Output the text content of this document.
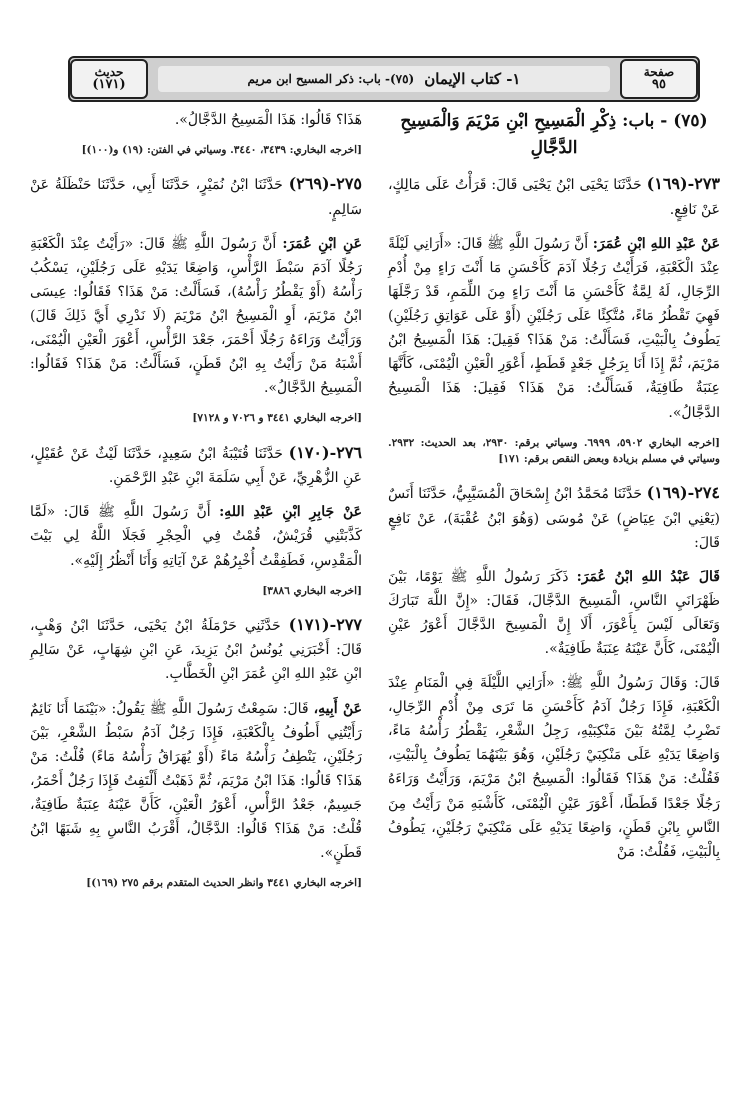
صفحة
٩٥
١- كتاب الإيمان
(٧٥)- باب: ذكر المسيح ابن مريم
حديث
(١٧١)
(٧٥) - باب: ذِكْرِ الْمَسِيحِ ابْنِ مَرْيَمَ وَالْمَسِيحِ الدَّجَّالِ

٢٧٣-(١٦٩) حَدَّثَنَا يَحْيَى ابْنُ يَحْيَى قَالَ: قَرَأْتُ عَلَى مَالِكٍ، عَنْ نَافِعٍ.

عَنْ عَبْدِ اللهِ ابْنِ عُمَرَ: أَنَّ رَسُولَ اللَّهِ ﷺ قَالَ: «أَرَانِي لَيْلَةً عِنْدَ الْكَعْبَةِ، فَرَأَيْتُ رَجُلًا آدَمَ كَأَحْسَنِ مَا أَنْتَ رَاءٍ مِنْ أُدْمِ الرِّجَالِ، لَهُ لِمَّةٌ كَأَحْسَنِ مَا أَنْتَ رَاءٍ مِنَ اللِّمَمِ، قَدْ رَجَّلَهَا فَهِيَ تَقْطُرُ مَاءً، مُتَّكِئًا عَلَى رَجُلَيْنِ (أَوْ عَلَى عَوَاتِقِ رَجُلَيْنِ) يَطُوفُ بِالْبَيْتِ، فَسَأَلْتُ: مَنْ هَذَا؟ فَقِيلَ: هَذَا الْمَسِيحُ ابْنُ مَرْيَمَ، ثُمَّ إِذَا أَنَا بِرَجُلٍ جَعْدٍ قَطَطٍ، أَعْوَرِ الْعَيْنِ الْيُمْنَى، كَأَنَّهَا عِنَبَةٌ طَافِيَةٌ، فَسَأَلْتُ: مَنْ هَذَا؟ فَقِيلَ: هَذَا الْمَسِيحُ الدَّجَّالُ».

[اخرجه البخاري ٥٩٠٢، ٦٩٩٩. وسياتي برقم: ٢٩٣٠، بعد الحديث: ٢٩٣٢. وسياتي في مسلم بزيادة وبعض النقص برقم: ١٧١]

٢٧٤-(١٦٩) حَدَّثَنَا مُحَمَّدُ ابْنُ إِسْحَاقَ الْمُسَيَّبِيُّ، حَدَّثَنَا أَنَسٌ (يَعْنِي ابْنَ عِيَاضٍ) عَنْ مُوسَى (وَهُوَ ابْنُ عُقْبَةَ)، عَنْ نَافِعٍ قَالَ:

قَالَ عَبْدُ اللهِ ابْنُ عُمَرَ: ذَكَرَ رَسُولُ اللَّهِ ﷺ يَوْمًا، بَيْنَ ظَهْرَانَيِ النَّاسِ، الْمَسِيحَ الدَّجَّالَ، فَقَالَ: «إِنَّ اللَّهَ تَبَارَكَ وَتَعَالَى لَيْسَ بِأَعْوَرَ، أَلَا إِنَّ الْمَسِيحَ الدَّجَّالَ أَعْوَرُ عَيْنِ الْيُمْنَى، كَأَنَّ عَيْنَهُ عِنَبَةٌ طَافِيَةٌ».

قَالَ: وَقَالَ رَسُولُ اللَّهِ ﷺ: «أَرَانِي اللَّيْلَةَ فِي الْمَنَامِ عِنْدَ الْكَعْبَةِ، فَإِذَا رَجُلٌ آدَمُ كَأَحْسَنِ مَا تَرَى مِنْ أُدْمِ الرِّجَالِ، تَضْرِبُ لِمَّتُهُ بَيْنَ مَنْكِبَيْهِ، رَجِلُ الشَّعْرِ، يَقْطُرُ رَأْسُهُ مَاءً، وَاضِعًا يَدَيْهِ عَلَى مَنْكِبَيْ رَجُلَيْنِ، وَهُوَ بَيْنَهُمَا يَطُوفُ بِالْبَيْتِ، فَقُلْتُ: مَنْ هَذَا؟ فَقَالُوا: الْمَسِيحُ ابْنُ مَرْيَمَ، وَرَأَيْتُ وَرَاءَهُ رَجُلًا جَعْدًا قَطَطًا، أَعْوَرَ عَيْنِ الْيُمْنَى، كَأَشْبَهِ مَنْ رَأَيْتُ مِنَ النَّاسِ بِابْنِ قَطَنٍ، وَاضِعًا يَدَيْهِ عَلَى مَنْكِبَيْ رَجُلَيْنِ، يَطُوفُ بِالْبَيْتِ، فَقُلْتُ: مَنْ

هَذَا؟ قَالُوا: هَذَا الْمَسِيحُ الدَّجَّالُ».

[اخرجه البخاري: ٣٤٣٩، ٣٤٤٠. وسياتي في الفتن: (١٩) و(١٠٠)]

٢٧٥-(٢٦٩) حَدَّثَنَا ابْنُ نُمَيْرٍ، حَدَّثَنَا أَبِي، حَدَّثَنَا حَنْظَلَةُ عَنْ سَالِمٍ.

عَنِ ابْنِ عُمَرَ: أَنَّ رَسُولَ اللَّهِ ﷺ قَالَ: «رَأَيْتُ عِنْدَ الْكَعْبَةِ رَجُلًا آدَمَ سَبْطَ الرَّأْسِ، وَاضِعًا يَدَيْهِ عَلَى رَجُلَيْنِ، يَسْكُبُ رَأْسُهُ (أَوْ يَقْطُرُ رَأْسُهُ)، فَسَأَلْتُ: مَنْ هَذَا؟ فَقَالُوا: عِيسَى ابْنُ مَرْيَمَ، أَوِ الْمَسِيحُ ابْنُ مَرْيَمَ (لَا نَدْرِي أَيَّ ذَلِكَ قَالَ) وَرَأَيْتُ وَرَاءَهُ رَجُلًا أَحْمَرَ، جَعْدَ الرَّأْسِ، أَعْوَرَ الْعَيْنِ الْيُمْنَى، أَشْبَهُ مَنْ رَأَيْتُ بِهِ ابْنُ قَطَنٍ، فَسَأَلْتُ: مَنْ هَذَا؟ فَقَالُوا: الْمَسِيحُ الدَّجَّالُ».

[اخرجه البخاري ٣٤٤١ و ٧٠٢٦ و ٧١٢٨]

٢٧٦-(١٧٠) حَدَّثَنَا قُتَيْبَةُ ابْنُ سَعِيدٍ، حَدَّثَنَا لَيْثٌ عَنْ عُقَيْلٍ، عَنِ الزُّهْرِيِّ، عَنْ أَبِي سَلَمَةَ ابْنِ عَبْدِ الرَّحْمَنِ.

عَنْ جَابِرِ ابْنِ عَبْدِ اللهِ: أَنَّ رَسُولَ اللَّهِ ﷺ قَالَ: «لَمَّا كَذَّبَتْنِي قُرَيْشٌ، قُمْتُ فِي الْحِجْرِ فَجَلَا اللَّهُ لِي بَيْتَ الْمَقْدِسِ، فَطَفِقْتُ أُخْبِرُهُمْ عَنْ آيَاتِهِ وَأَنَا أَنْظُرُ إِلَيْهِ».

[اخرجه البخاري ٣٨٨٦]

٢٧٧-(١٧١) حَدَّثَنِي حَرْمَلَةُ ابْنُ يَحْيَى، حَدَّثَنَا ابْنُ وَهْبٍ، قَالَ: أَخْبَرَنِي يُونُسُ ابْنُ يَزِيدَ، عَنِ ابْنِ شِهَابٍ، عَنْ سَالِمِ ابْنِ عَبْدِ اللهِ ابْنِ عُمَرَ ابْنِ الْخَطَّابِ.

عَنْ أَبِيهِ، قَالَ: سَمِعْتُ رَسُولَ اللَّهِ ﷺ يَقُولُ: «بَيْنَمَا أَنَا نَائِمٌ رَأَيْتُنِي أَطُوفُ بِالْكَعْبَةِ، فَإِذَا رَجُلٌ آدَمُ سَبْطُ الشَّعْرِ، بَيْنَ رَجُلَيْنِ، يَنْطِفُ رَأْسُهُ مَاءً (أَوْ يُهَرَاقُ رَأْسُهُ مَاءً) قُلْتُ: مَنْ هَذَا؟ قَالُوا: هَذَا ابْنُ مَرْيَمَ، ثُمَّ ذَهَبْتُ أَلْتَفِتُ فَإِذَا رَجُلٌ أَحْمَرُ، جَسِيمٌ، جَعْدُ الرَّأْسِ، أَعْوَرُ الْعَيْنِ، كَأَنَّ عَيْنَهُ عِنَبَةٌ طَافِيَةٌ، قُلْتُ: مَنْ هَذَا؟ قَالُوا: الدَّجَّالُ، أَقْرَبُ النَّاسِ بِهِ شَبَهًا ابْنُ قَطَنٍ».

[اخرجه البخاري ٣٤٤١ وانظر الحديث المتقدم برقم ٢٧٥ (١٦٩)]
